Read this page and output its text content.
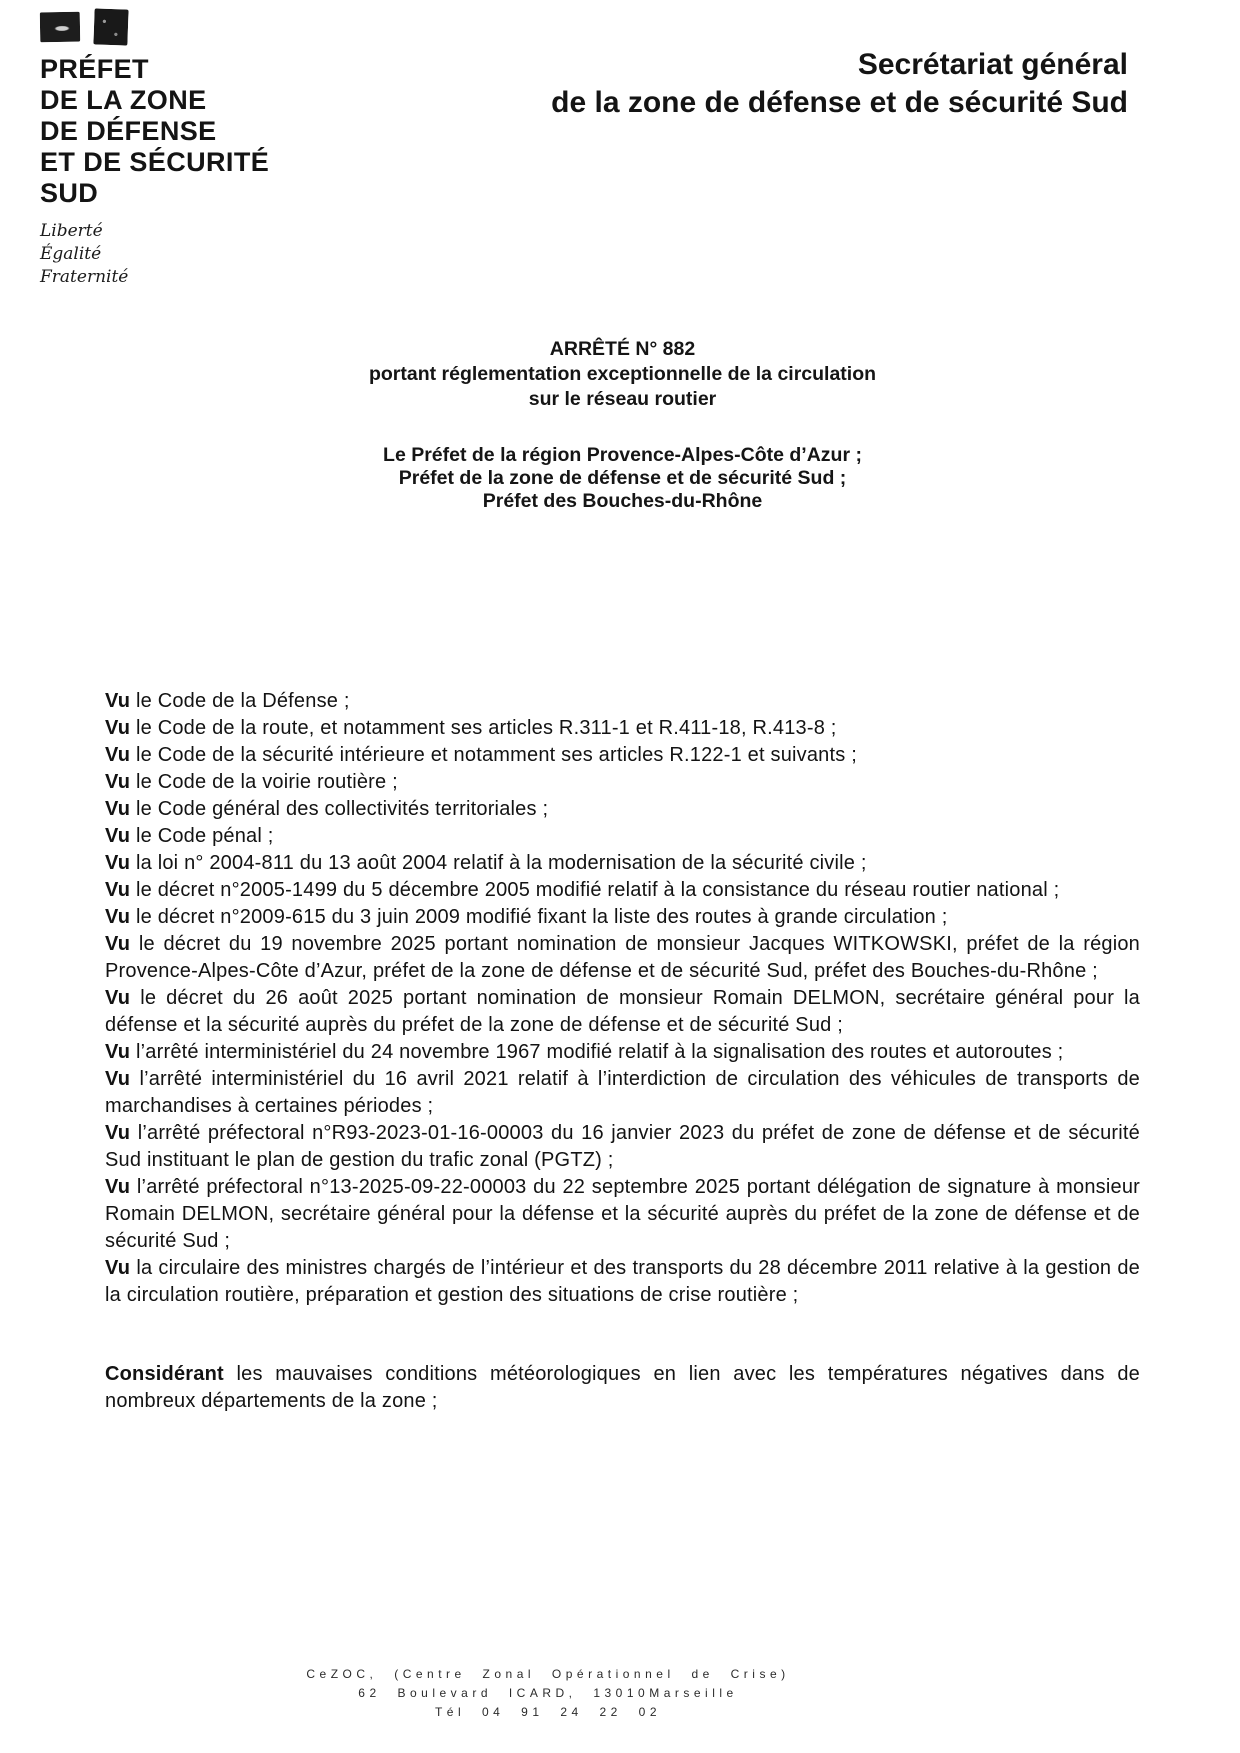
PRÉFET
DE LA ZONE
DE DÉFENSE
ET DE SÉCURITÉ
SUD
Liberté
Égalité
Fraternité
Secrétariat général
de la zone de défense et de sécurité Sud
ARRÊTÉ N° 882
portant réglementation exceptionnelle de la circulation
sur le réseau routier
Le Préfet de la région Provence-Alpes-Côte d’Azur ;
Préfet de la zone de défense et de sécurité Sud ;
Préfet des Bouches-du-Rhône

Vu le Code de la Défense ;

Vu le Code de la route, et notamment ses articles R.311-1 et R.411-18, R.413-8 ;

Vu le Code de la sécurité intérieure et notamment ses articles R.122-1 et suivants ;

Vu le Code de la voirie routière ;

Vu le Code général des collectivités territoriales ;

Vu le Code pénal ;

Vu la loi n° 2004-811 du 13 août 2004 relatif à la modernisation de la sécurité civile ;

Vu le décret n°2005-1499 du 5 décembre 2005 modifié relatif à la consistance du réseau routier national ;

Vu le décret n°2009-615 du 3 juin 2009 modifié fixant la liste des routes à grande circulation ;

Vu le décret du 19 novembre 2025 portant nomination de monsieur Jacques WITKOWSKI, préfet de la région Provence-Alpes-Côte d’Azur, préfet de la zone de défense et de sécurité Sud, préfet des Bouches-du-Rhône ;

Vu le décret du 26 août 2025 portant nomination de monsieur Romain DELMON, secrétaire général pour la défense et la sécurité auprès du préfet de la zone de défense et de sécurité Sud ;

Vu l’arrêté interministériel du 24 novembre 1967 modifié relatif à la signalisation des routes et autoroutes ;

Vu l’arrêté interministériel du 16 avril 2021 relatif à l’interdiction de circulation des véhicules de transports de marchandises à certaines périodes ;

Vu l’arrêté préfectoral n°R93-2023-01-16-00003 du 16 janvier 2023 du préfet de zone de défense et de sécurité Sud instituant le plan de gestion du trafic zonal (PGTZ) ;

Vu l’arrêté préfectoral n°13-2025-09-22-00003 du 22 septembre 2025 portant délégation de signature à monsieur Romain DELMON, secrétaire général pour la défense et la sécurité auprès du préfet de la zone de défense et de sécurité Sud ;

Vu la circulaire des ministres chargés de l’intérieur et des transports du 28 décembre 2011 relative à la gestion de la circulation routière, préparation et gestion des situations de crise routière ;

Considérant les mauvaises conditions météorologiques en lien avec les températures négatives dans de nombreux départements de la zone ;

CeZOC, (Centre Zonal Opérationnel de Crise)
62 Boulevard ICARD, 13010Marseille
Tél 04 91 24 22 02
